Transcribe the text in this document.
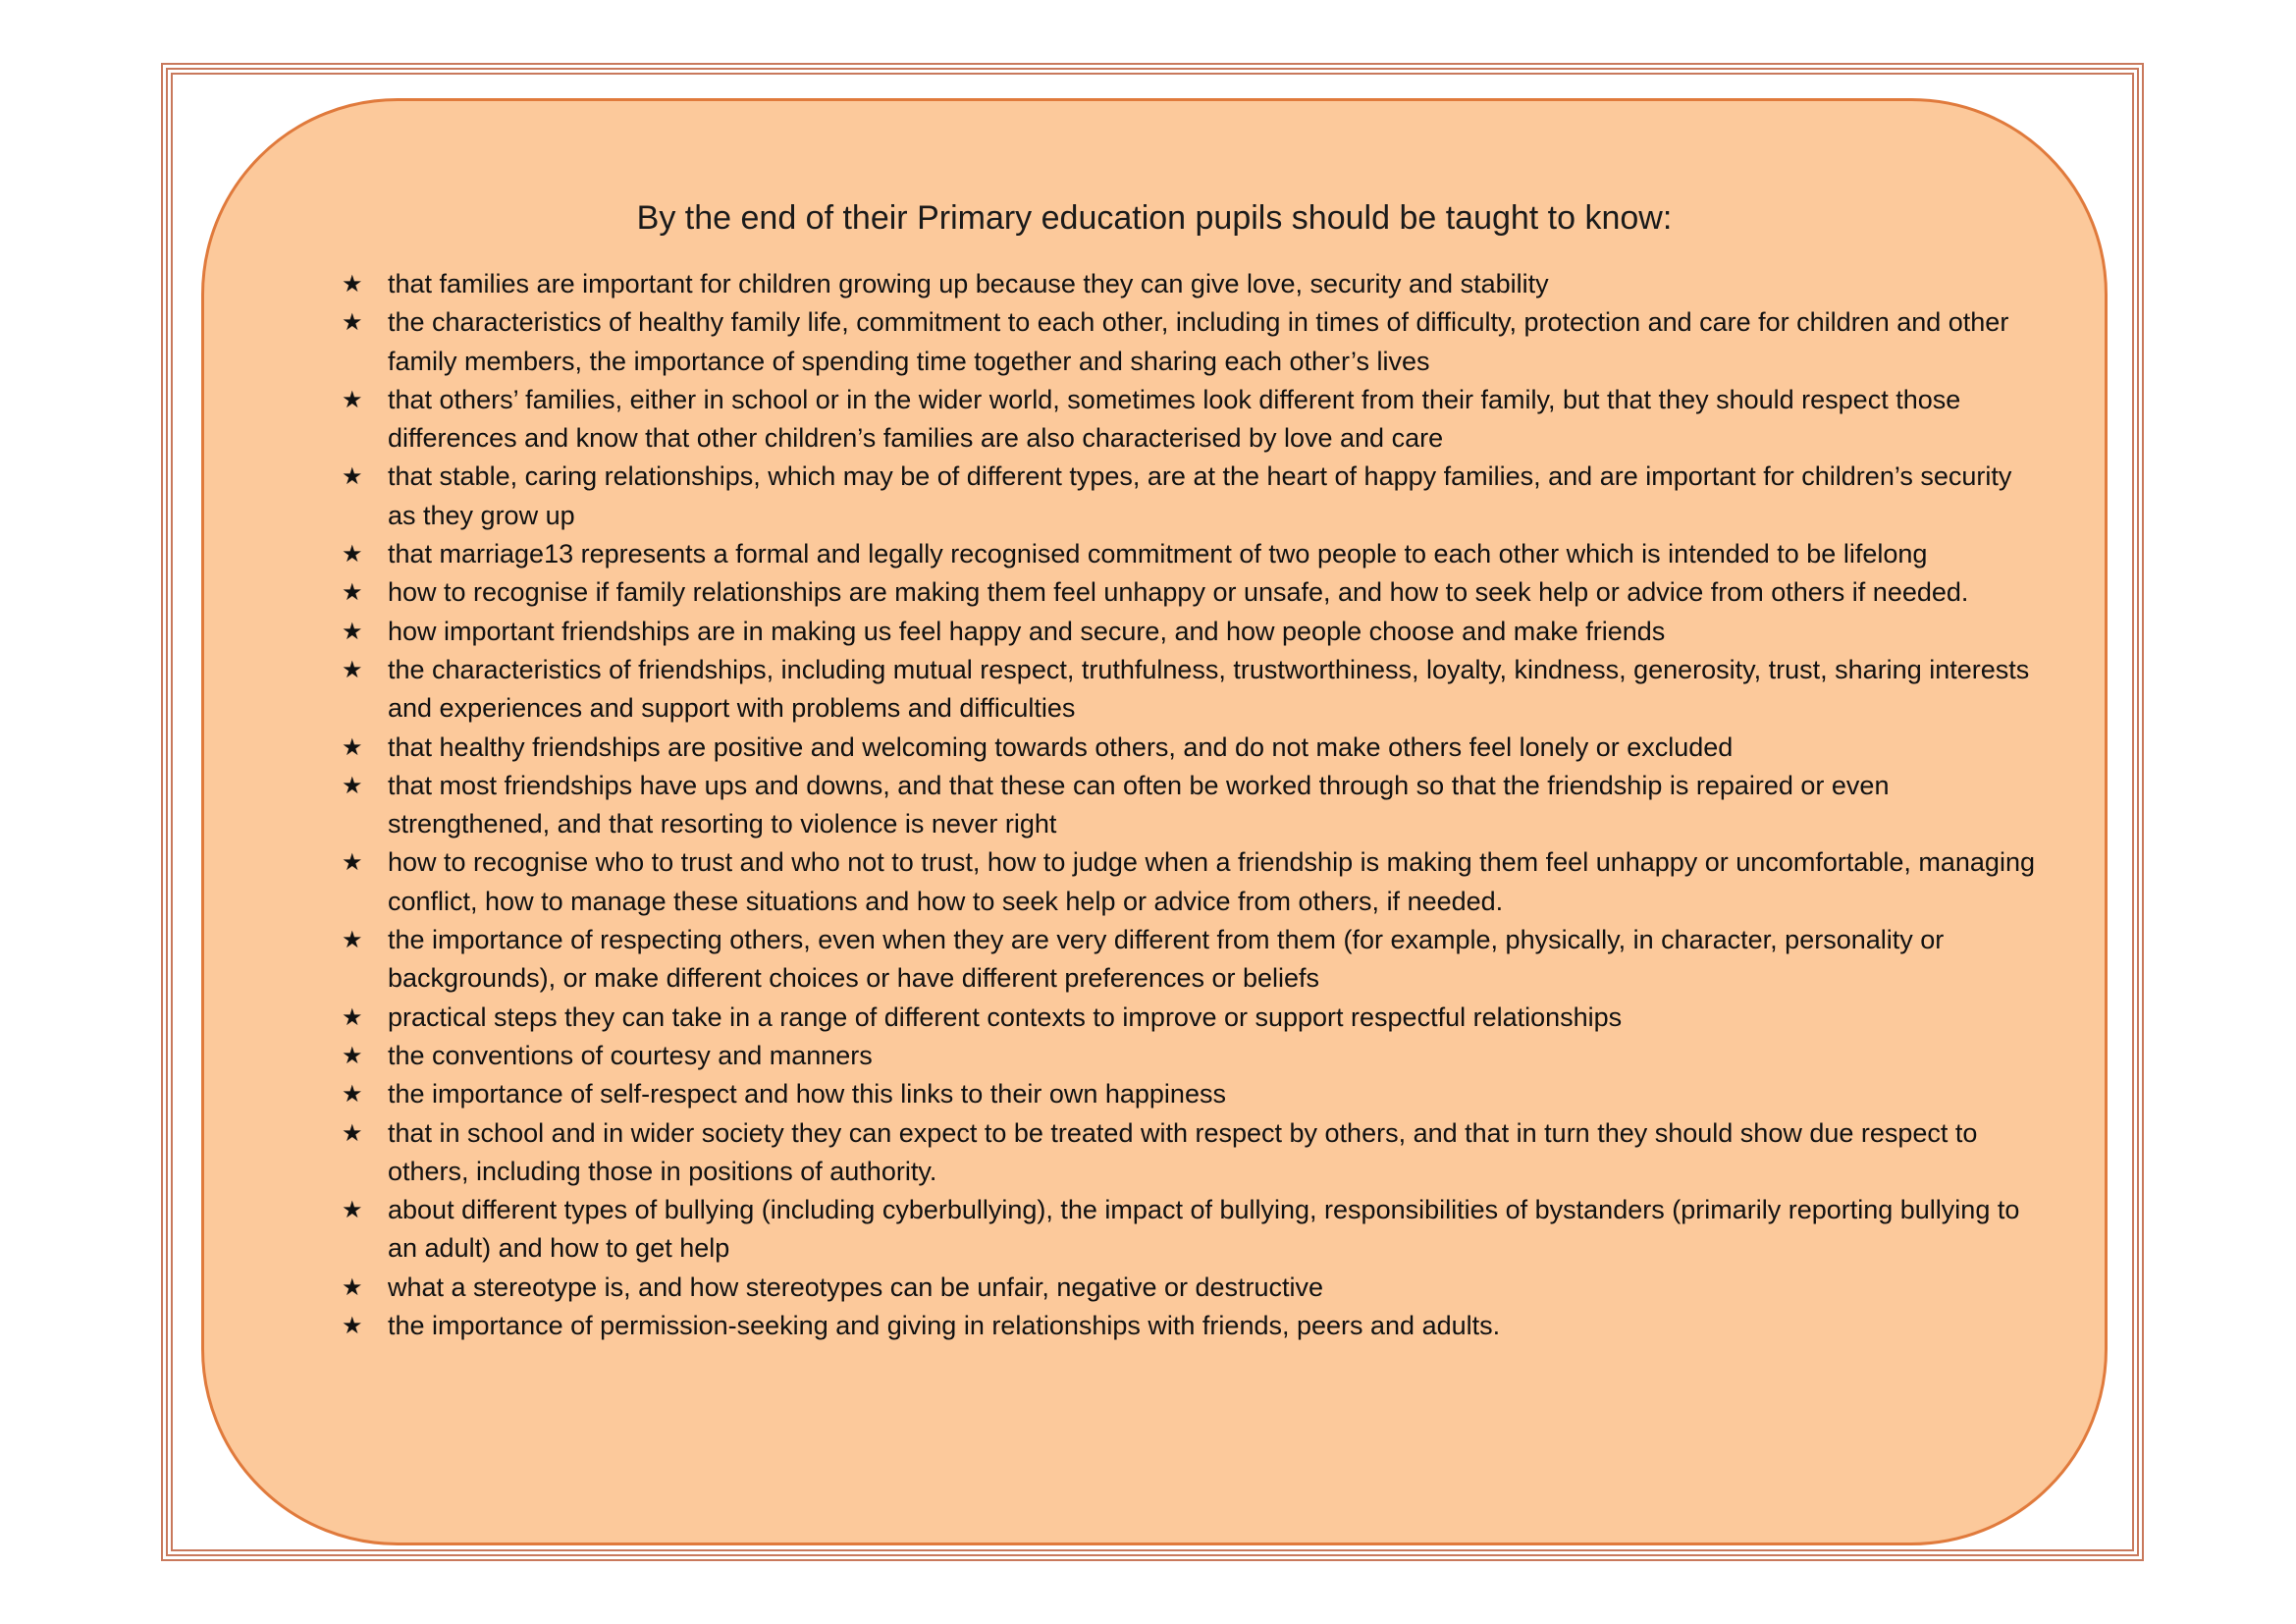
By the end of their Primary education pupils should be taught to know:
★ that families are important for children growing up because they can give love, security and stability
★ the characteristics of healthy family life, commitment to each other, including in times of difficulty, protection and care for children and other family members, the importance of spending time together and sharing each other’s lives
★ that others’ families, either in school or in the wider world, sometimes look different from their family, but that they should respect those differences and know that other children’s families are also characterised by love and care
★ that stable, caring relationships, which may be of different types, are at the heart of happy families, and are important for children’s security as they grow up
★ that marriage13 represents a formal and legally recognised commitment of two people to each other which is intended to be lifelong
★ how to recognise if family relationships are making them feel unhappy or unsafe, and how to seek help or advice from others if needed.
★ how important friendships are in making us feel happy and secure, and how people choose and make friends
★ the characteristics of friendships, including mutual respect, truthfulness, trustworthiness, loyalty, kindness, generosity, trust, sharing interests and experiences and support with problems and difficulties
★ that healthy friendships are positive and welcoming towards others, and do not make others feel lonely or excluded
★ that most friendships have ups and downs, and that these can often be worked through so that the friendship is repaired or even strengthened, and that resorting to violence is never right
★ how to recognise who to trust and who not to trust, how to judge when a friendship is making them feel unhappy or uncomfortable, managing conflict, how to manage these situations and how to seek help or advice from others, if needed.
★ the importance of respecting others, even when they are very different from them (for example, physically, in character, personality or backgrounds), or make different choices or have different preferences or beliefs
★ practical steps they can take in a range of different contexts to improve or support respectful relationships
★ the conventions of courtesy and manners
★ the importance of self-respect and how this links to their own happiness
★ that in school and in wider society they can expect to be treated with respect by others, and that in turn they should show due respect to others, including those in positions of authority.
★ about different types of bullying (including cyberbullying), the impact of bullying, responsibilities of bystanders (primarily reporting bullying to an adult) and how to get help
★ what a stereotype is, and how stereotypes can be unfair, negative or destructive
★ the importance of permission-seeking and giving in relationships with friends, peers and adults.
